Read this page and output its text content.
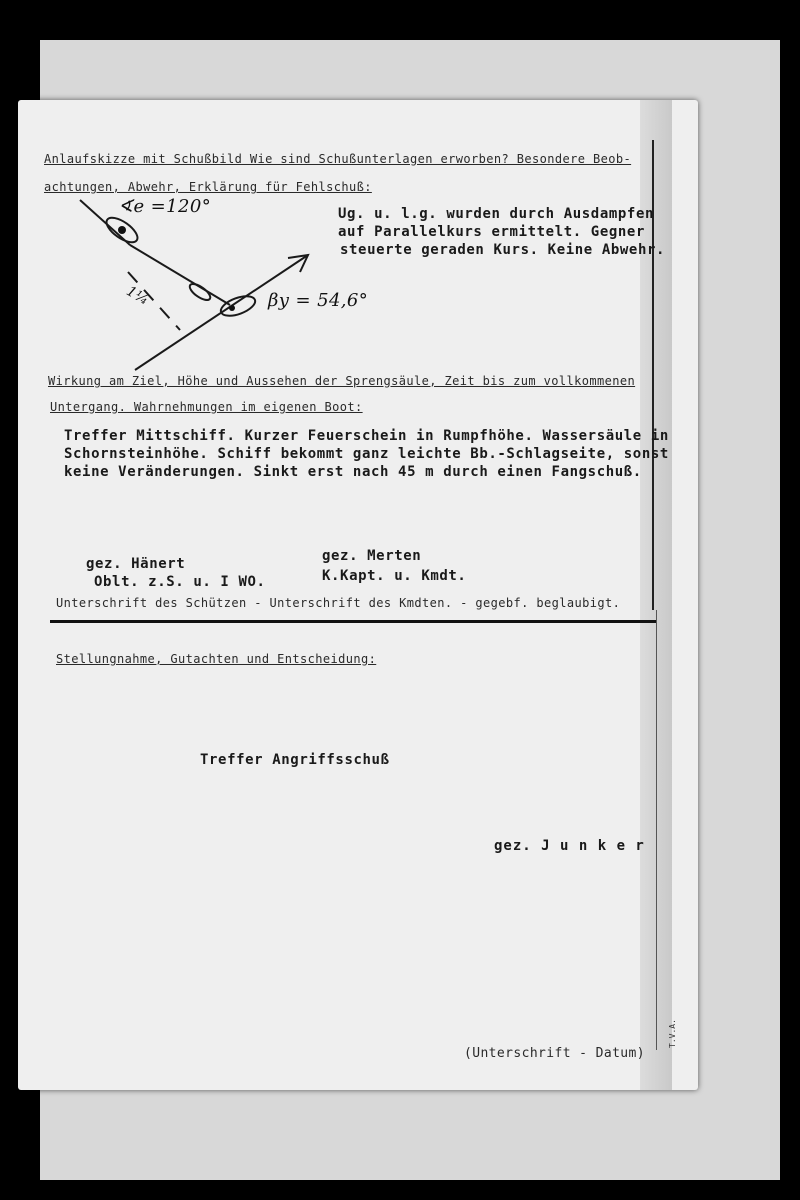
Anlaufskizze mit Schußbild Wie sind Schußunterlagen erworben? Besondere Beob-
achtungen, Abwehr, Erklärung für Fehlschuß:
∢e =120°
1¼	βy = 54,6°
Ug. u. l.g. wurden durch Ausdampfen
auf Parallelkurs ermittelt. Gegner
steuerte geraden Kurs. Keine Abwehr.
Wirkung am Ziel, Höhe und Aussehen der Sprengsäule, Zeit bis zum vollkommenen
Untergang. Wahrnehmungen im eigenen Boot:
Treffer Mittschiff. Kurzer Feuerschein in Rumpfhöhe. Wassersäule in
Schornsteinhöhe. Schiff bekommt ganz leichte Bb.-Schlagseite, sonst
keine Veränderungen. Sinkt erst nach 45 m durch einen Fangschuß.
gez. Hänert
Oblt. z.S. u. I WO.
gez. Merten
K.Kapt. u. Kmdt.
Unterschrift des Schützen - Unterschrift des Kmdten. - gegebf. beglaubigt.
Stellungnahme, Gutachten und Entscheidung:
Treffer Angriffsschuß
gez. J u n k e r
(Unterschrift - Datum)
T.V.A.
